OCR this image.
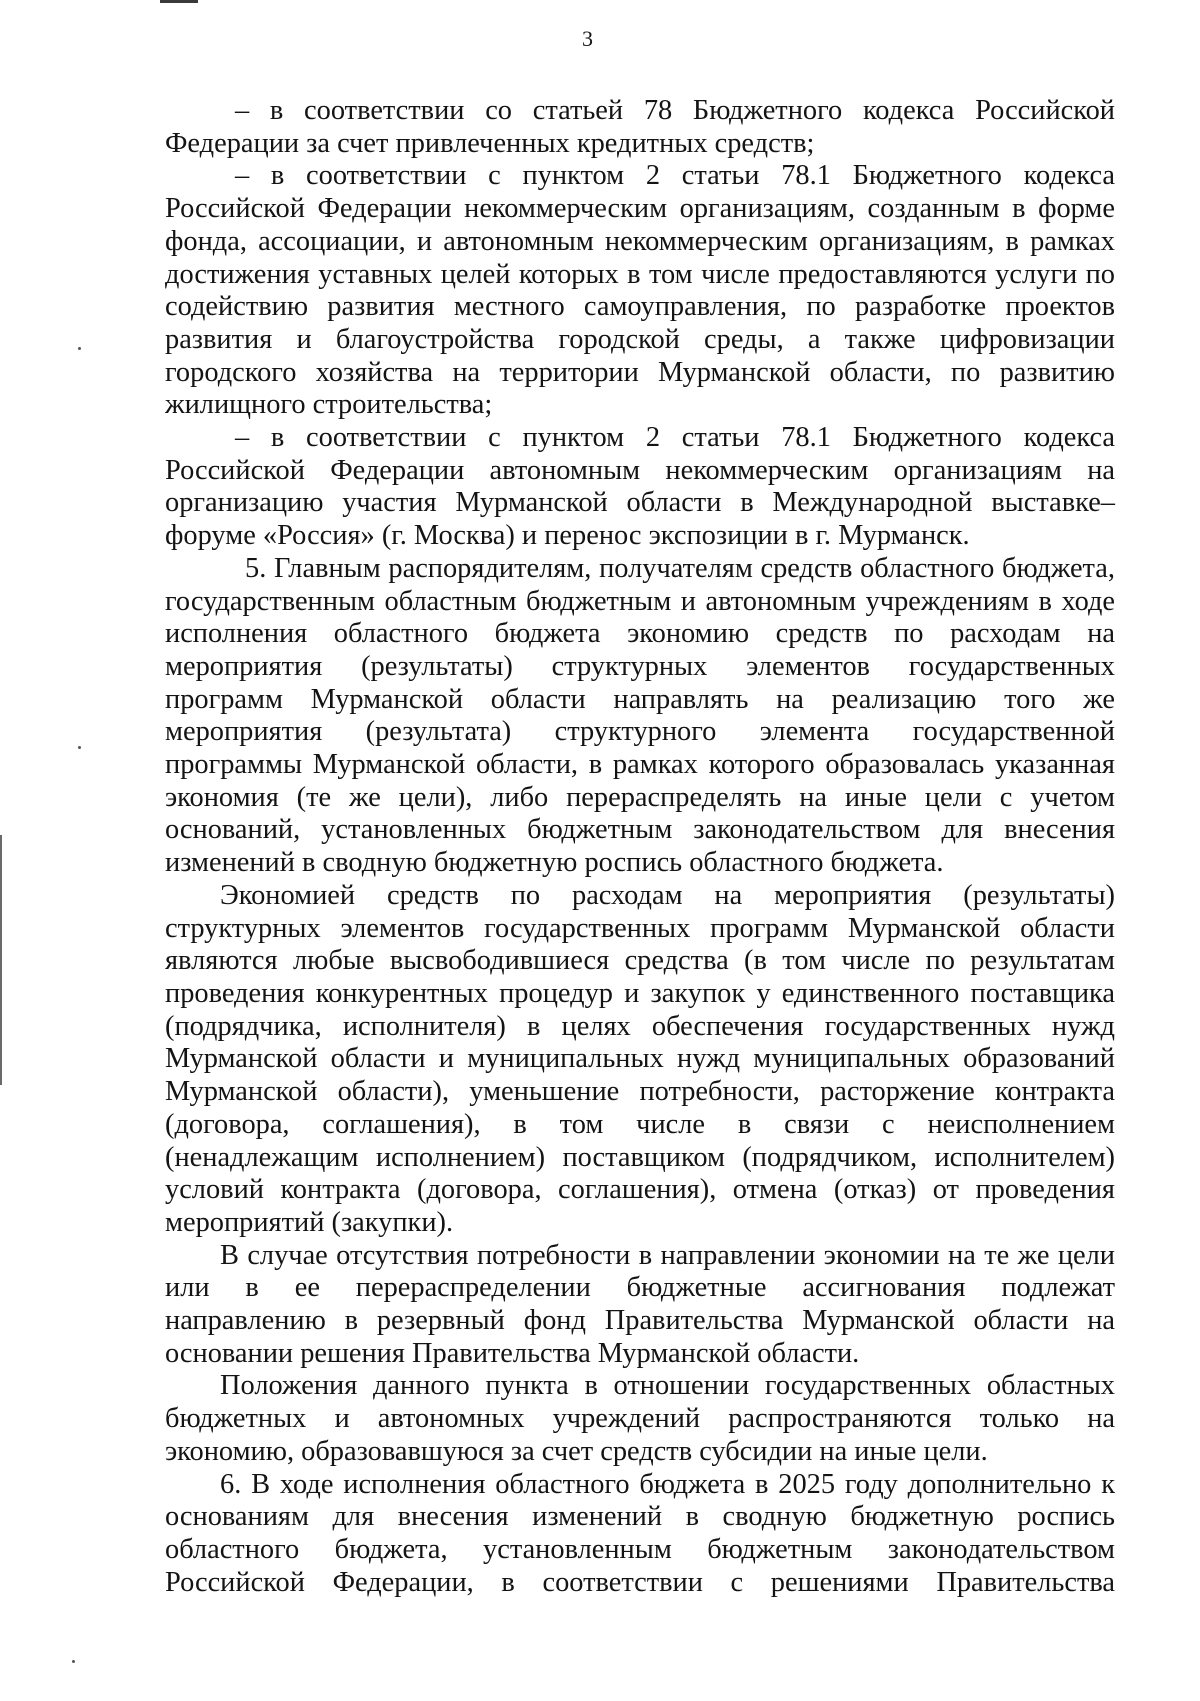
3
– в соответствии со статьей 78 Бюджетного кодекса Российской
Федерации за счет привлеченных кредитных средств;
– в соответствии с пунктом 2 статьи 78.1 Бюджетного кодекса
Российской Федерации некоммерческим организациям, созданным в форме
фонда, ассоциации, и автономным некоммерческим организациям, в рамках
достижения уставных целей которых в том числе предоставляются услуги по
содействию развития местного самоуправления, по разработке проектов
развития и благоустройства городской среды, а также цифровизации
городского хозяйства на территории Мурманской области, по развитию
жилищного строительства;
– в соответствии с пунктом 2 статьи 78.1 Бюджетного кодекса
Российской Федерации автономным некоммерческим организациям на
организацию участия Мурманской области в Международной выставке–
форуме «Россия» (г. Москва) и перенос экспозиции в г. Мурманск.
5. Главным распорядителям, получателям средств областного бюджета,
государственным областным бюджетным и автономным учреждениям в ходе
исполнения областного бюджета экономию средств по расходам на
мероприятия (результаты) структурных элементов государственных
программ Мурманской области направлять на реализацию того же
мероприятия (результата) структурного элемента государственной
программы Мурманской области, в рамках которого образовалась указанная
экономия (те же цели), либо перераспределять на иные цели с учетом
оснований, установленных бюджетным законодательством для внесения
изменений в сводную бюджетную роспись областного бюджета.
Экономией средств по расходам на мероприятия (результаты)
структурных элементов государственных программ Мурманской области
являются любые высвободившиеся средства (в том числе по результатам
проведения конкурентных процедур и закупок у единственного поставщика
(подрядчика, исполнителя) в целях обеспечения государственных нужд
Мурманской области и муниципальных нужд муниципальных образований
Мурманской области), уменьшение потребности, расторжение контракта
(договора, соглашения), в том числе в связи с неисполнением
(ненадлежащим исполнением) поставщиком (подрядчиком, исполнителем)
условий контракта (договора, соглашения), отмена (отказ) от проведения
мероприятий (закупки).
В случае отсутствия потребности в направлении экономии на те же цели
или в ее перераспределении бюджетные ассигнования подлежат
направлению в резервный фонд Правительства Мурманской области на
основании решения Правительства Мурманской области.
Положения данного пункта в отношении государственных областных
бюджетных и автономных учреждений распространяются только на
экономию, образовавшуюся за счет средств субсидии на иные цели.
6. В ходе исполнения областного бюджета в 2025 году дополнительно к
основаниям для внесения изменений в сводную бюджетную роспись
областного бюджета, установленным бюджетным законодательством
Российской Федерации, в соответствии с решениями Правительства
